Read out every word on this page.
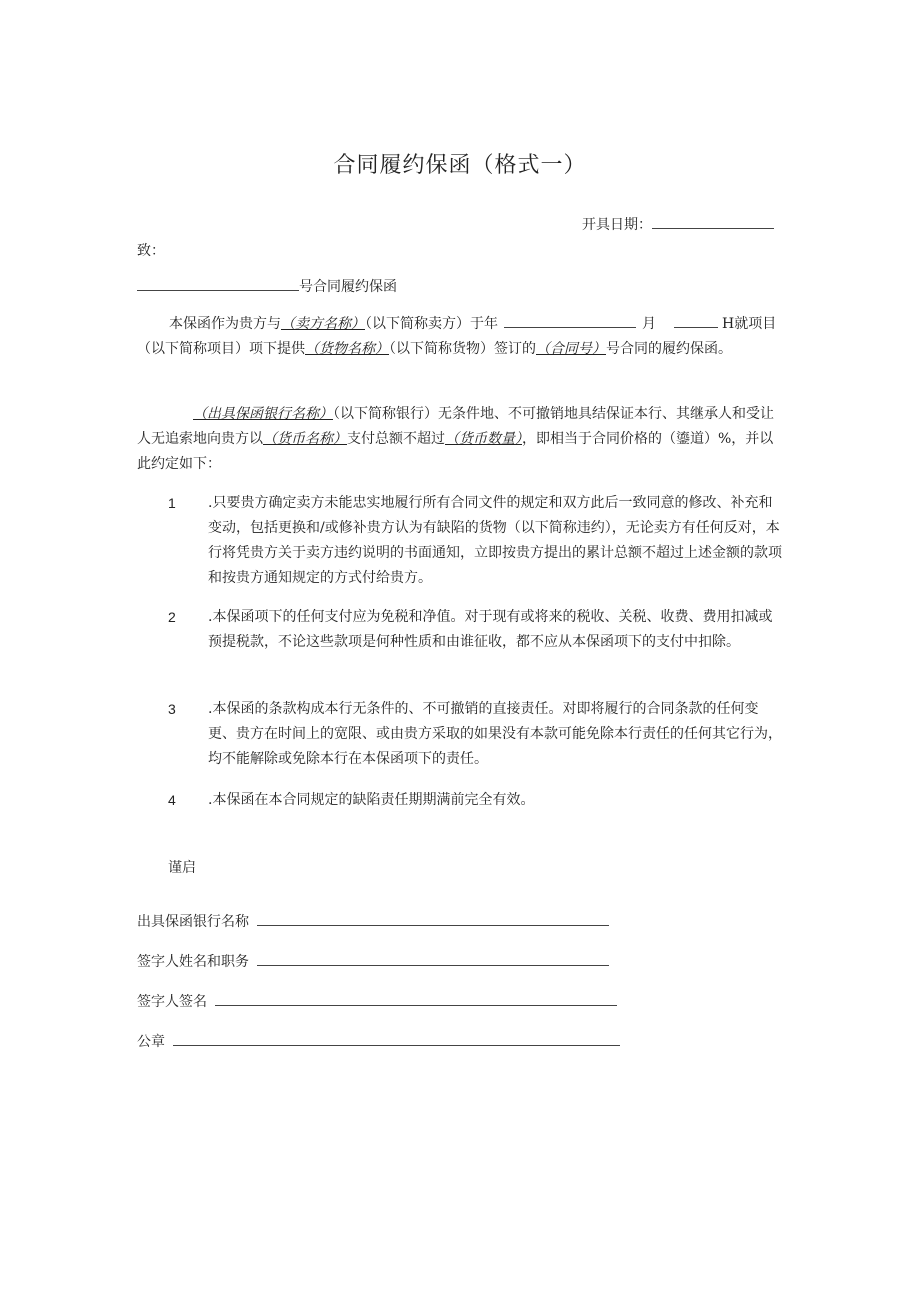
合同履约保函（格式一）
开具日期：
致：
号合同履约保函
本保函作为贵方与（卖方名称）（以下简称卖方）于年	月	H就项目（以下简称项目）项下提供（货物名称）（以下简称货物）签订的（合同号）号合同的履约保函。
（出具保函银行名称）（以下简称银行）无条件地、不可撤销地具结保证本行、其继承人和受让人无追索地向贵方以（货币名称）支付总额不超过（货币数量），即相当于合同价格的（鎏道）%，并以此约定如下：
1 .只要贵方确定卖方未能忠实地履行所有合同文件的规定和双方此后一致同意的修改、补充和变动，包括更换和/或修补贵方认为有缺陷的货物（以下简称违约），无论卖方有任何反对，本行将凭贵方关于卖方违约说明的书面通知，立即按贵方提出的累计总额不超过上述金额的款项和按贵方通知规定的方式付给贵方。
2 .本保函项下的任何支付应为免税和净值。对于现有或将来的税收、关税、收费、费用扣减或预提税款，不论这些款项是何种性质和由谁征收，都不应从本保函项下的支付中扣除。
3 .本保函的条款构成本行无条件的、不可撤销的直接责任。对即将履行的合同条款的任何变更、贵方在时间上的宽限、或由贵方采取的如果没有本款可能免除本行责任的任何其它行为，均不能解除或免除本行在本保函项下的责任。
4 .本保函在本合同规定的缺陷责任期期满前完全有效。
谨启
出具保函银行名称
签字人姓名和职务
签字人签名
公章
